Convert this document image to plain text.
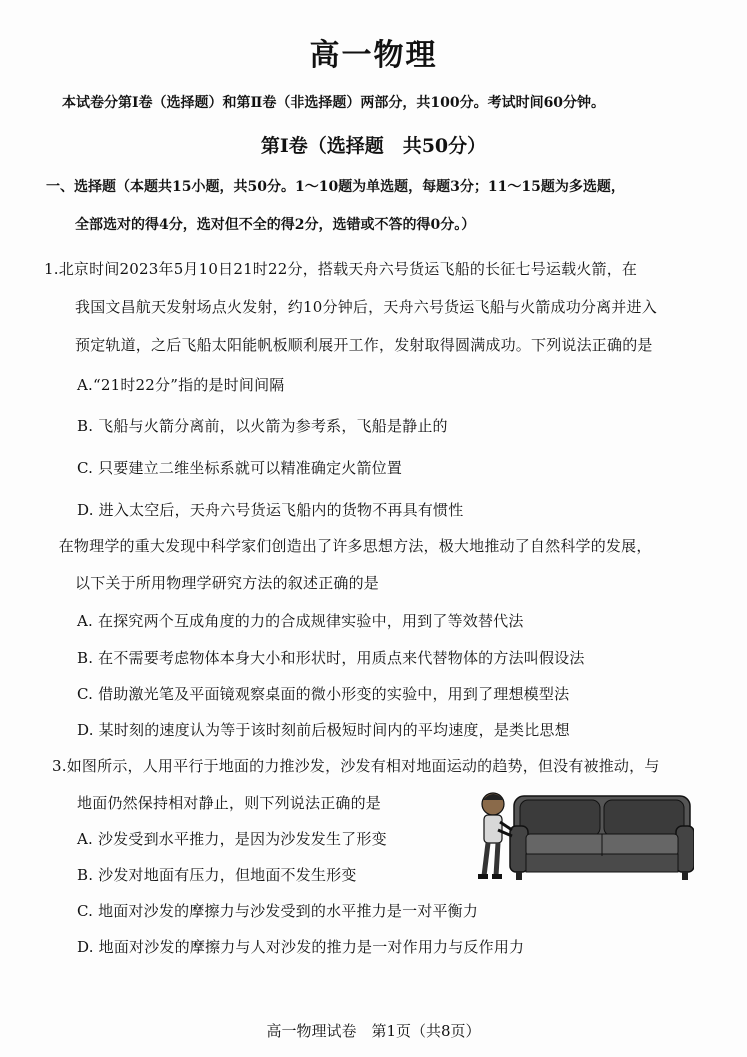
高一物理
本试卷分第Ⅰ卷（选择题）和第Ⅱ卷（非选择题）两部分，共100分。考试时间60分钟。
第Ⅰ卷（选择题　共50分）
一、选择题（本题共15小题，共50分。1～10题为单选题，每题3分；11～15题为多选题，
全部选对的得4分，选对但不全的得2分，选错或不答的得0分。）
1.北京时间2023年5月10日21时22分，搭载天舟六号货运飞船的长征七号运载火箭，在
我国文昌航天发射场点火发射，约10分钟后，天舟六号货运飞船与火箭成功分离并进入
预定轨道，之后飞船太阳能帆板顺利展开工作，发射取得圆满成功。下列说法正确的是
A.“21时22分”指的是时间间隔
B. 飞船与火箭分离前，以火箭为参考系，飞船是静止的
C. 只要建立二维坐标系就可以精准确定火箭位置
D. 进入太空后，天舟六号货运飞船内的货物不再具有惯性
2.在物理学的重大发现中科学家们创造出了许多思想方法，极大地推动了自然科学的发展，
以下关于所用物理学研究方法的叙述正确的是
A. 在探究两个互成角度的力的合成规律实验中，用到了等效替代法
B. 在不需要考虑物体本身大小和形状时，用质点来代替物体的方法叫假设法
C. 借助激光笔及平面镜观察桌面的微小形变的实验中，用到了理想模型法
D. 某时刻的速度认为等于该时刻前后极短时间内的平均速度，是类比思想
3.如图所示，人用平行于地面的力推沙发，沙发有相对地面运动的趋势，但没有被推动，与
地面仍然保持相对静止，则下列说法正确的是
A. 沙发受到水平推力，是因为沙发发生了形变
B. 沙发对地面有压力，但地面不发生形变
C. 地面对沙发的摩擦力与沙发受到的水平推力是一对平衡力
D. 地面对沙发的摩擦力与人对沙发的推力是一对作用力与反作用力
高一物理试卷　第1页（共8页）
